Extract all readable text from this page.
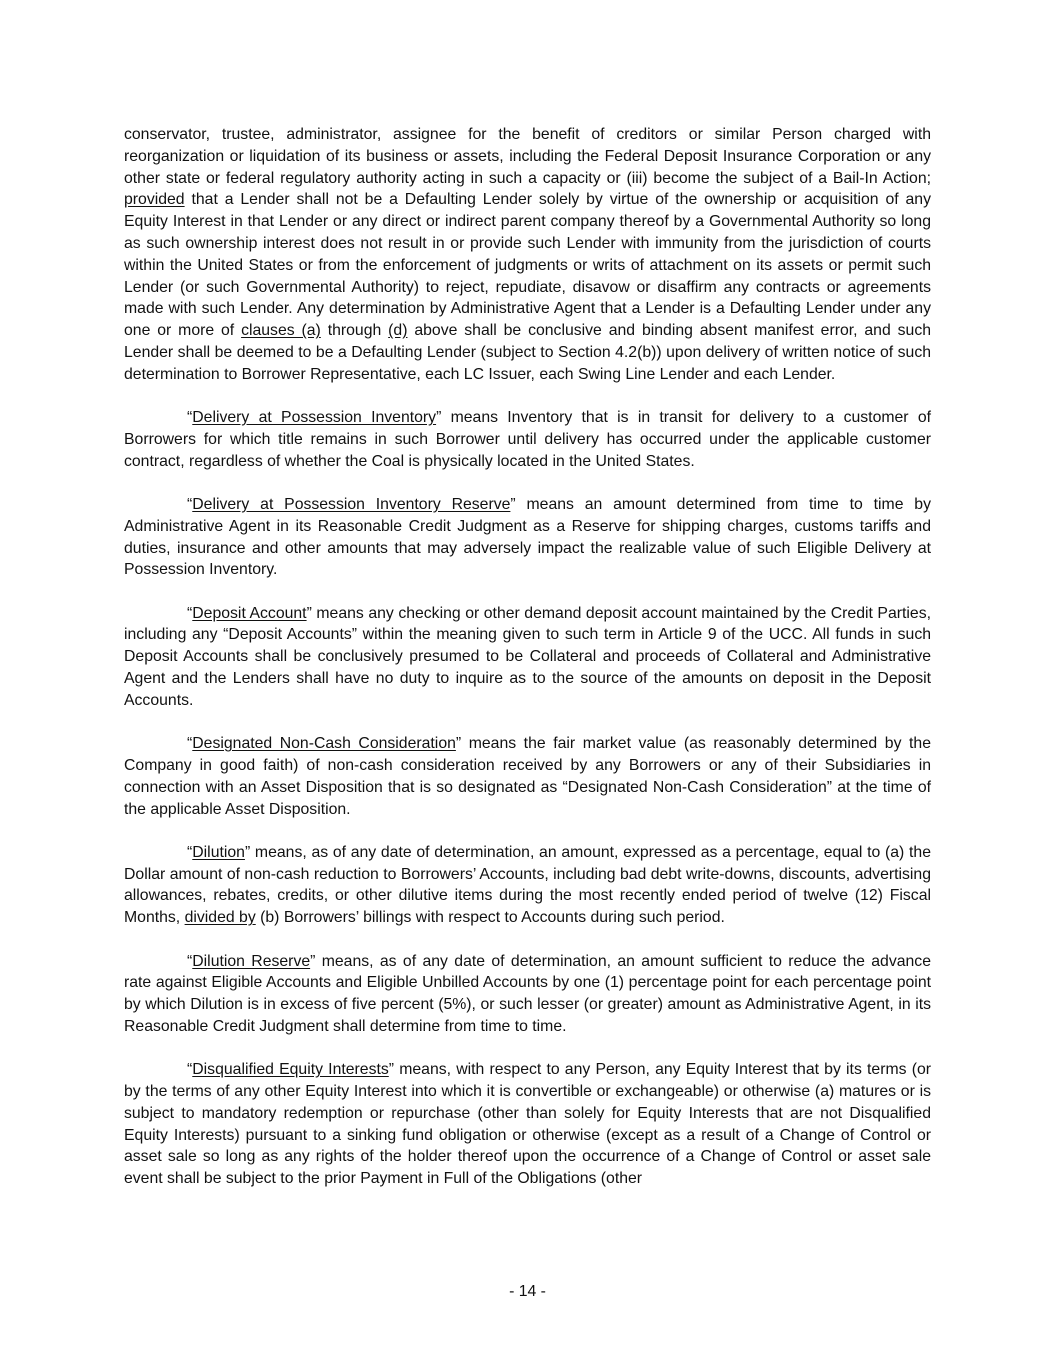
conservator, trustee, administrator, assignee for the benefit of creditors or similar Person charged with reorganization or liquidation of its business or assets, including the Federal Deposit Insurance Corporation or any other state or federal regulatory authority acting in such a capacity or (iii) become the subject of a Bail-In Action; provided that a Lender shall not be a Defaulting Lender solely by virtue of the ownership or acquisition of any Equity Interest in that Lender or any direct or indirect parent company thereof by a Governmental Authority so long as such ownership interest does not result in or provide such Lender with immunity from the jurisdiction of courts within the United States or from the enforcement of judgments or writs of attachment on its assets or permit such Lender (or such Governmental Authority) to reject, repudiate, disavow or disaffirm any contracts or agreements made with such Lender. Any determination by Administrative Agent that a Lender is a Defaulting Lender under any one or more of clauses (a) through (d) above shall be conclusive and binding absent manifest error, and such Lender shall be deemed to be a Defaulting Lender (subject to Section 4.2(b)) upon delivery of written notice of such determination to Borrower Representative, each LC Issuer, each Swing Line Lender and each Lender.

“Delivery at Possession Inventory” means Inventory that is in transit for delivery to a customer of Borrowers for which title remains in such Borrower until delivery has occurred under the applicable customer contract, regardless of whether the Coal is physically located in the United States.

“Delivery at Possession Inventory Reserve” means an amount determined from time to time by Administrative Agent in its Reasonable Credit Judgment as a Reserve for shipping charges, customs tariffs and duties, insurance and other amounts that may adversely impact the realizable value of such Eligible Delivery at Possession Inventory.

“Deposit Account” means any checking or other demand deposit account maintained by the Credit Parties, including any “Deposit Accounts” within the meaning given to such term in Article 9 of the UCC. All funds in such Deposit Accounts shall be conclusively presumed to be Collateral and proceeds of Collateral and Administrative Agent and the Lenders shall have no duty to inquire as to the source of the amounts on deposit in the Deposit Accounts.

“Designated Non-Cash Consideration” means the fair market value (as reasonably determined by the Company in good faith) of non-cash consideration received by any Borrowers or any of their Subsidiaries in connection with an Asset Disposition that is so designated as “Designated Non-Cash Consideration” at the time of the applicable Asset Disposition.

“Dilution” means, as of any date of determination, an amount, expressed as a percentage, equal to (a) the Dollar amount of non-cash reduction to Borrowers’ Accounts, including bad debt write-downs, discounts, advertising allowances, rebates, credits, or other dilutive items during the most recently ended period of twelve (12) Fiscal Months, divided by (b) Borrowers’ billings with respect to Accounts during such period.

“Dilution Reserve” means, as of any date of determination, an amount sufficient to reduce the advance rate against Eligible Accounts and Eligible Unbilled Accounts by one (1) percentage point for each percentage point by which Dilution is in excess of five percent (5%), or such lesser (or greater) amount as Administrative Agent, in its Reasonable Credit Judgment shall determine from time to time.

“Disqualified Equity Interests” means, with respect to any Person, any Equity Interest that by its terms (or by the terms of any other Equity Interest into which it is convertible or exchangeable) or otherwise (a) matures or is subject to mandatory redemption or repurchase (other than solely for Equity Interests that are not Disqualified Equity Interests) pursuant to a sinking fund obligation or otherwise (except as a result of a Change of Control or asset sale so long as any rights of the holder thereof upon the occurrence of a Change of Control or asset sale event shall be subject to the prior Payment in Full of the Obligations (other

- 14 -
